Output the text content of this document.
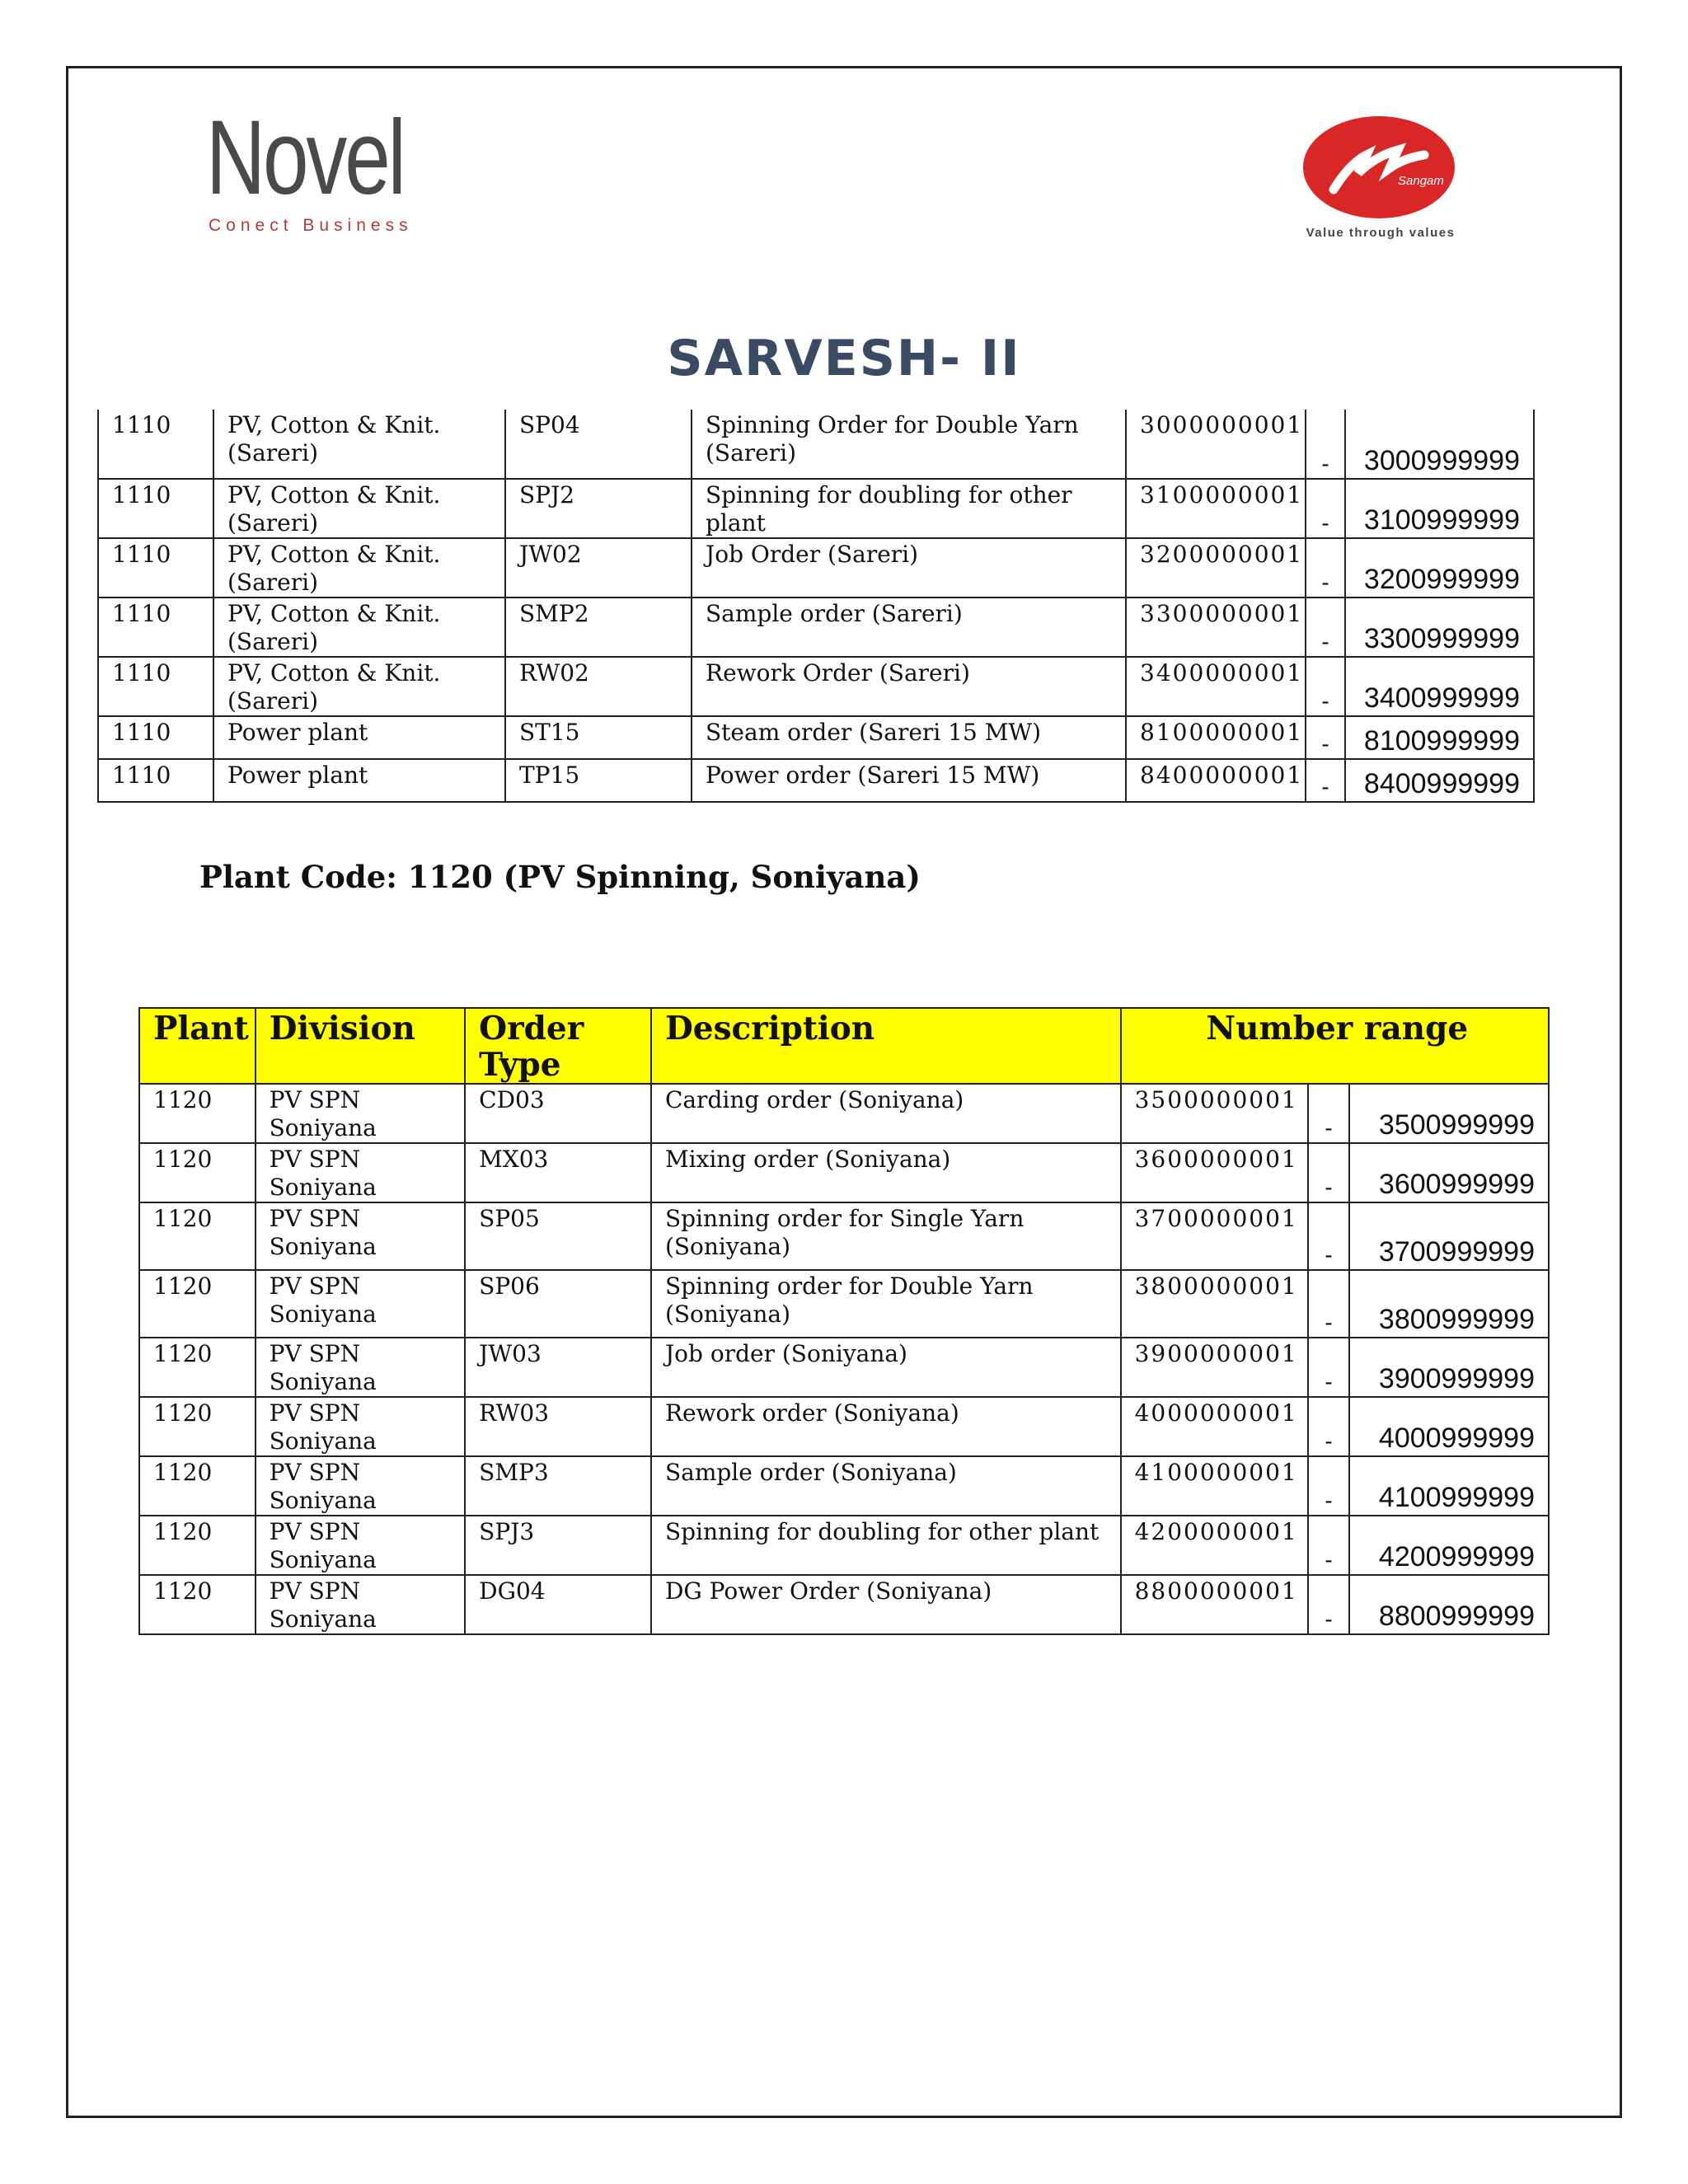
Novel
Conect Business
Sangam
Value through values
SARVESH- II
1110	PV, Cotton & Knit.(Sareri)	SP04	Spinning Order for Double Yarn (Sareri)	3000000001	-	3000999999
1110	PV, Cotton & Knit.(Sareri)	SPJ2	Spinning for doubling for other plant	3100000001	-	3100999999
1110	PV, Cotton & Knit.(Sareri)	JW02	Job Order (Sareri)	3200000001	-	3200999999
1110	PV, Cotton & Knit.(Sareri)	SMP2	Sample order (Sareri)	3300000001	-	3300999999
1110	PV, Cotton & Knit.(Sareri)	RW02	Rework Order (Sareri)	3400000001	-	3400999999
1110	Power plant	ST15	Steam order (Sareri 15 MW)	8100000001	-	8100999999
1110	Power plant	TP15	Power order (Sareri 15 MW)	8400000001	-	8400999999
Plant Code: 1120 (PV Spinning, Soniyana)
Plant	Division	Order Type	Description	Number range		
1120	PV SPN Soniyana	CD03	Carding order (Soniyana)	3500000001	-	3500999999
1120	PV SPN Soniyana	MX03	Mixing order (Soniyana)	3600000001	-	3600999999
1120	PV SPN Soniyana	SP05	Spinning order for Single Yarn (Soniyana)	3700000001	-	3700999999
1120	PV SPN Soniyana	SP06	Spinning order for Double Yarn (Soniyana)	3800000001	-	3800999999
1120	PV SPN Soniyana	JW03	Job order (Soniyana)	3900000001	-	3900999999
1120	PV SPN Soniyana	RW03	Rework order (Soniyana)	4000000001	-	4000999999
1120	PV SPN Soniyana	SMP3	Sample order (Soniyana)	4100000001	-	4100999999
1120	PV SPN Soniyana	SPJ3	Spinning for doubling for other plant	4200000001	-	4200999999
1120	PV SPN Soniyana	DG04	DG Power Order (Soniyana)	8800000001	-	8800999999
